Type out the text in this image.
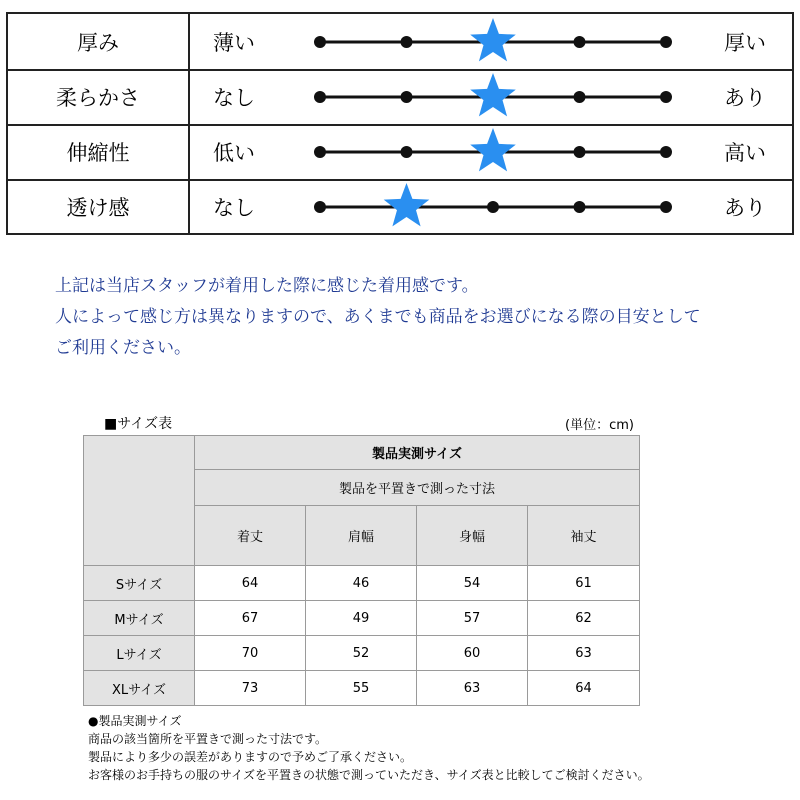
厚み	薄い	厚い
柔らかさ	なし	あり
伸縮性	低い	高い
透け感	なし	あり
上記は当店スタッフが着用した際に感じた着用感です。
人によって感じ方は異なりますので、あくまでも商品をお選びになる際の目安として
ご利用ください。
■サイズ表	(単位：cm)
	製品実測サイズ			
	製品を平置きで測った寸法			
	着丈	肩幅	身幅	袖丈
Sサイズ	64	46	54	61
Mサイズ	67	49	57	62
Lサイズ	70	52	60	63
XLサイズ	73	55	63	64
●製品実測サイズ
商品の該当箇所を平置きで測った寸法です。
製品により多少の誤差がありますので予めご了承ください。
お客様のお手持ちの服のサイズを平置きの状態で測っていただき、サイズ表と比較してご検討ください。
